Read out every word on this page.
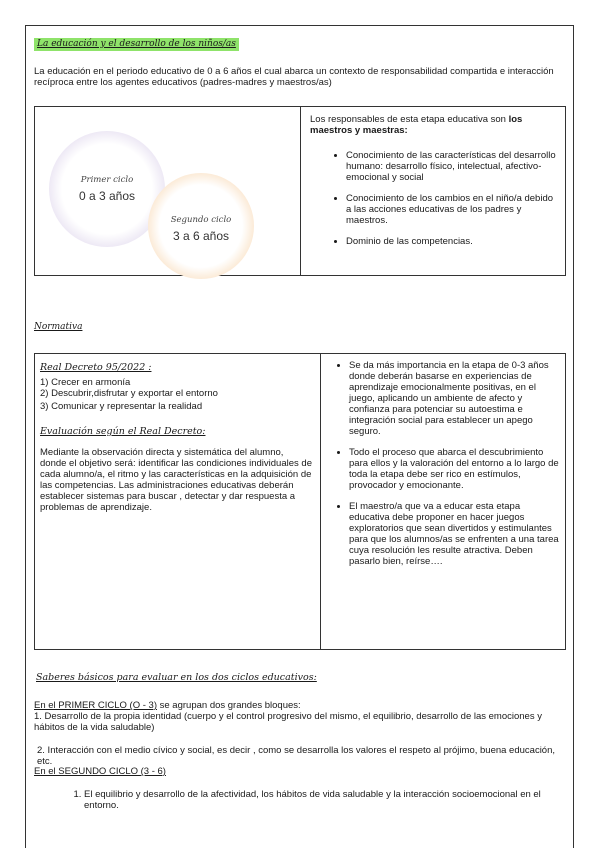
La educación y el desarrollo de los niños/as
La educación en el periodo educativo de 0 a 6 años el cual abarca un contexto de responsabilidad compartida e interacción recíproca entre los agentes educativos (padres-madres y maestros/as)
Primer ciclo
0 a 3 años
Segundo ciclo
3 a 6 años
Los responsables de esta etapa educativa son los maestros y maestras:
• Conocimiento de las características del desarrollo humano: desarrollo físico, intelectual, afectivo-emocional y social
• Conocimiento de los cambios en el niño/a debido a las acciones educativas de los padres y maestros.
• Dominio de las competencias.
Normativa
Real Decreto 95/2022 :
1) Crecer en armonía
2) Descubrir,disfrutar y exportar el entorno
3) Comunicar y representar la realidad
Evaluación según el Real Decreto:
Mediante la observación directa y sistemática del alumno, donde el objetivo será: identificar las condiciones individuales de cada alumno/a, el ritmo y las características en la adquisición de las competencias. Las administraciones educativas deberán establecer sistemas para buscar , detectar y dar respuesta a problemas de aprendizaje.
• Se da más importancia en la etapa de 0-3 años donde deberán basarse en experiencias de aprendizaje emocionalmente positivas, en el juego, aplicando un ambiente de afecto y confianza para potenciar su autoestima e integración social para establecer un apego seguro.
• Todo el proceso que abarca el descubrimiento para ellos y la valoración del entorno a lo largo de toda la etapa debe ser rico en estímulos, provocador y emocionante.
• El maestro/a que va a educar esta etapa educativa debe proponer en hacer juegos exploratorios que sean divertidos y estimulantes para que los alumnos/as se enfrenten a una tarea cuya resolución les resulte atractiva. Deben pasarlo bien, reírse….
Saberes básicos para evaluar en los dos ciclos educativos:
En el PRIMER CICLO (O - 3) se agrupan dos grandes bloques:
1. Desarrollo de la propia identidad (cuerpo y el control progresivo del mismo, el equilibrio, desarrollo de las emociones y hábitos de la vida saludable)
2. Interacción con el medio cívico y social, es decir , como se desarrolla los valores el respeto al prójimo, buena educación, etc.
En el SEGUNDO CICLO (3 - 6)
1. El equilibrio y desarrollo de la afectividad, los hábitos de vida saludable y la interacción socioemocional en el entorno.
